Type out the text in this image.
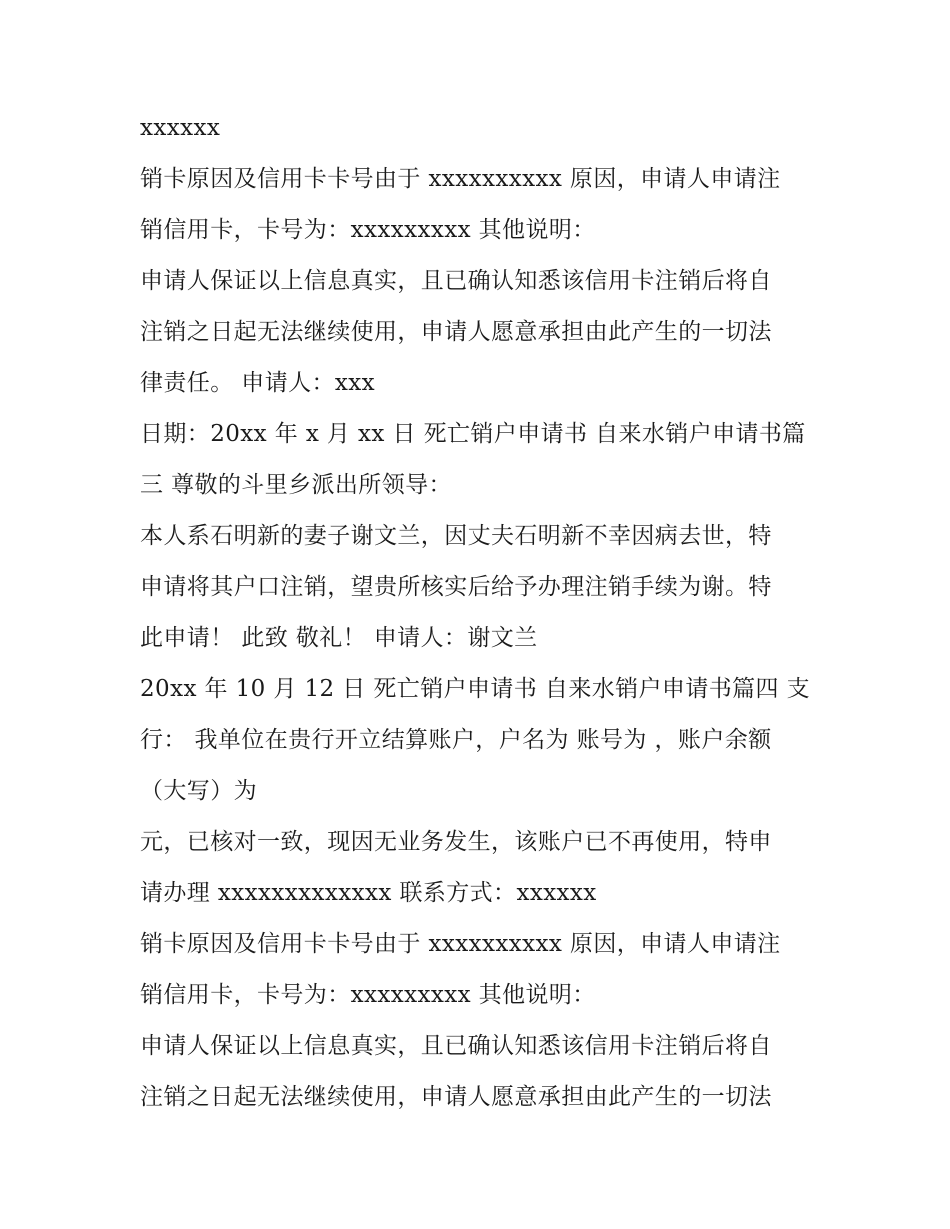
xxxxxx

销卡原因及信用卡卡号由于 xxxxxxxxxx 原因，申请人申请注

销信用卡，卡号为：xxxxxxxxx 其他说明：

申请人保证以上信息真实，且已确认知悉该信用卡注销后将自

注销之日起无法继续使用，申请人愿意承担由此产生的一切法

律责任。 申请人：xxx

日期：20xx 年 x 月 xx 日 死亡销户申请书 自来水销户申请书篇

三 尊敬的斗里乡派出所领导：

本人系石明新的妻子谢文兰，因丈夫石明新不幸因病去世，特

申请将其户口注销，望贵所核实后给予办理注销手续为谢。特

此申请！ 此致 敬礼！ 申请人：谢文兰

20xx 年 10 月 12 日 死亡销户申请书 自来水销户申请书篇四 支

行： 我单位在贵行开立结算账户，户名为 账号为 ，账户余额

（大写）为

元，已核对一致，现因无业务发生，该账户已不再使用，特申

请办理 xxxxxxxxxxxxx 联系方式：xxxxxx

销卡原因及信用卡卡号由于 xxxxxxxxxx 原因，申请人申请注

销信用卡，卡号为：xxxxxxxxx 其他说明：

申请人保证以上信息真实，且已确认知悉该信用卡注销后将自

注销之日起无法继续使用，申请人愿意承担由此产生的一切法
